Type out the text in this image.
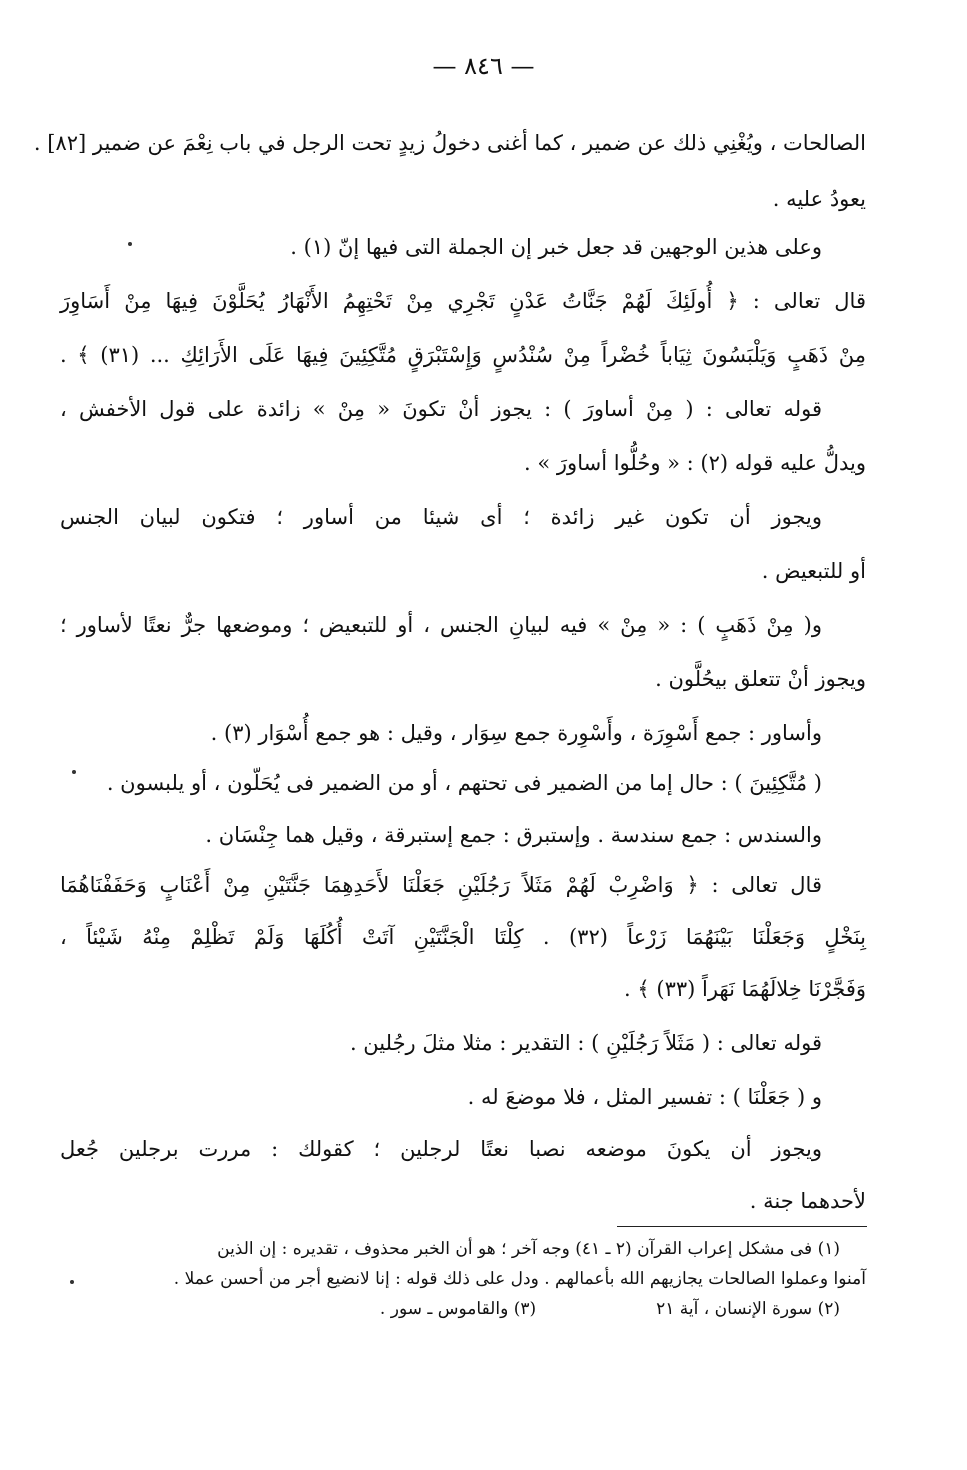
— ٨٤٦ —
الصالحات ، ويُغْنِي ذلك عن ضمير ، كما أغنى دخولُ زيدٍ تحت الرجل في باب نِعْمَ عن ضمير [٨٢] .
يعودُ عليه .
وعلى هذين الوجهين قد جعل خبر إن الجملة التى فيها إنّ (١) .
قال تعالى : ﴿ أُولَئِكَ لَهُمْ جَنَّاتُ عَدْنٍ تَجْرِي مِنْ تَحْتِهِمُ الأَنْهَارُ يُحَلَّوْنَ فِيهَا مِنْ أَسَاوِرَ
مِنْ ذَهَبٍ وَيَلْبَسُونَ ثِيَاباً خُضْراً مِنْ سُنْدُسٍ وَإِسْتَبْرَقٍ مُتَّكِئِينَ فِيهَا عَلَى الأَرَائِكِ ... (٣١) ﴾ .
قوله تعالى : ( مِنْ أساورَ ) : يجوز أنْ تكونَ « مِنْ » زائدة على قول الأخفش ،
ويدلُّ عليه قوله (٢) : « وحُلُّوا أساورَ » .
ويجوز أن تكون غير زائدة ؛ أى شيئا من أساور ؛ فتكون لبيان الجنس
أو للتبعيض .
و( مِنْ ذَهَبٍ ) : « مِنْ » فيه لبيانِ الجنس ، أو للتبعيض ؛ وموضعها جرٌّ نعتًا لأساور ؛
ويجوز أنْ تتعلق بيحُلَّون .
وأساور : جمع أَسْوِرَة ، وأَسْوِرة جمع سِوَار ، وقيل : هو جمع أُسْوَار (٣) .
( مُتَّكِئِينَ ) : حال إما من الضمير فى تحتهم ، أو من الضمير فى يُحَلّون ، أو يلبسون .
والسندس : جمع سندسة . وإستبرق : جمع إستبرقة ، وقيل هما جِنْسَان .
قال تعالى : ﴿ وَاضْرِبْ لَهُمْ مَثَلاً رَجُلَيْنِ جَعَلْنَا لأَحَدِهِمَا جَنَّتَيْنِ مِنْ أَعْنَابٍ وَحَفَفْنَاهُمَا
بِنَخْلٍ وَجَعَلْنَا بَيْنَهُمَا زَرْعاً (٣٢) . كِلْتَا الْجَنَّتَيْنِ آتَتْ أُكُلَهَا وَلَمْ تَظْلِمْ مِنْهُ شَيْئاً ،
وَفَجَّرْنَا خِلالَهُمَا نَهَراً (٣٣) ﴾ .
قوله تعالى : ( مَثَلاً رَجُلَيْنِ ) : التقدير : مثلا مثلَ رجُلين .
و ( جَعَلْنَا ) : تفسير المثل ، فلا موضعَ له .
ويجوز أن يكونَ موضعه نصبا نعتًا لرجلين ؛ كقولك : مررت برجلين جُعل
لأحدهما جنة .
(١) فى مشكل إعراب القرآن (٢ ـ ٤١) وجه آخر ؛ هو أن الخبر محذوف ، تقديره : إن الذين
آمنوا وعملوا الصالحات يجازيهم الله بأعمالهم . ودل على ذلك قوله : إنا لانضيع أجر من أحسن عملا .
(٢) سورة الإنسان ، آية ٢١
(٣) والقاموس ـ سور .
